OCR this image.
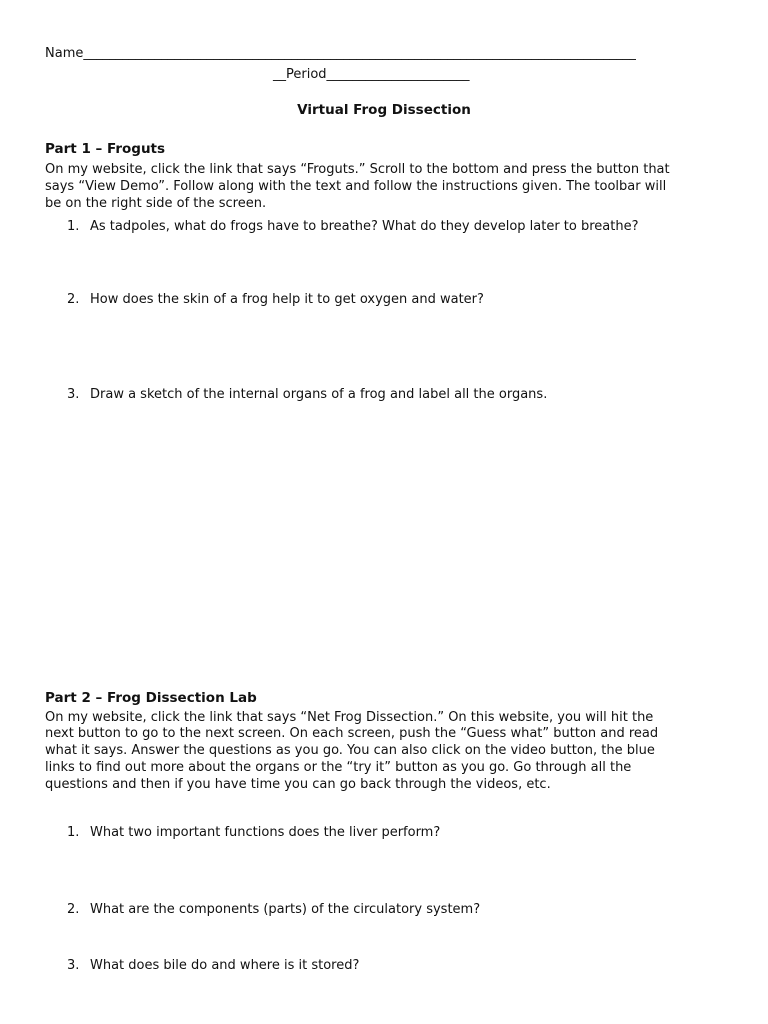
Name_____________________________________________________________________________________
__Period______________________
Virtual Frog Dissection
Part 1 – Froguts
On my website, click the link that says “Froguts.” Scroll to the bottom and press the button that
says “View Demo”. Follow along with the text and follow the instructions given. The toolbar will
be on the right side of the screen.
1. As tadpoles, what do frogs have to breathe? What do they develop later to breathe?
2. How does the skin of a frog help it to get oxygen and water?
3. Draw a sketch of the internal organs of a frog and label all the organs.
Part 2 – Frog Dissection Lab
On my website, click the link that says “Net Frog Dissection.” On this website, you will hit the
next button to go to the next screen. On each screen, push the “Guess what” button and read
what it says. Answer the questions as you go. You can also click on the video button, the blue
links to find out more about the organs or the “try it” button as you go. Go through all the
questions and then if you have time you can go back through the videos, etc.
1. What two important functions does the liver perform?
2. What are the components (parts) of the circulatory system?
3. What does bile do and where is it stored?
